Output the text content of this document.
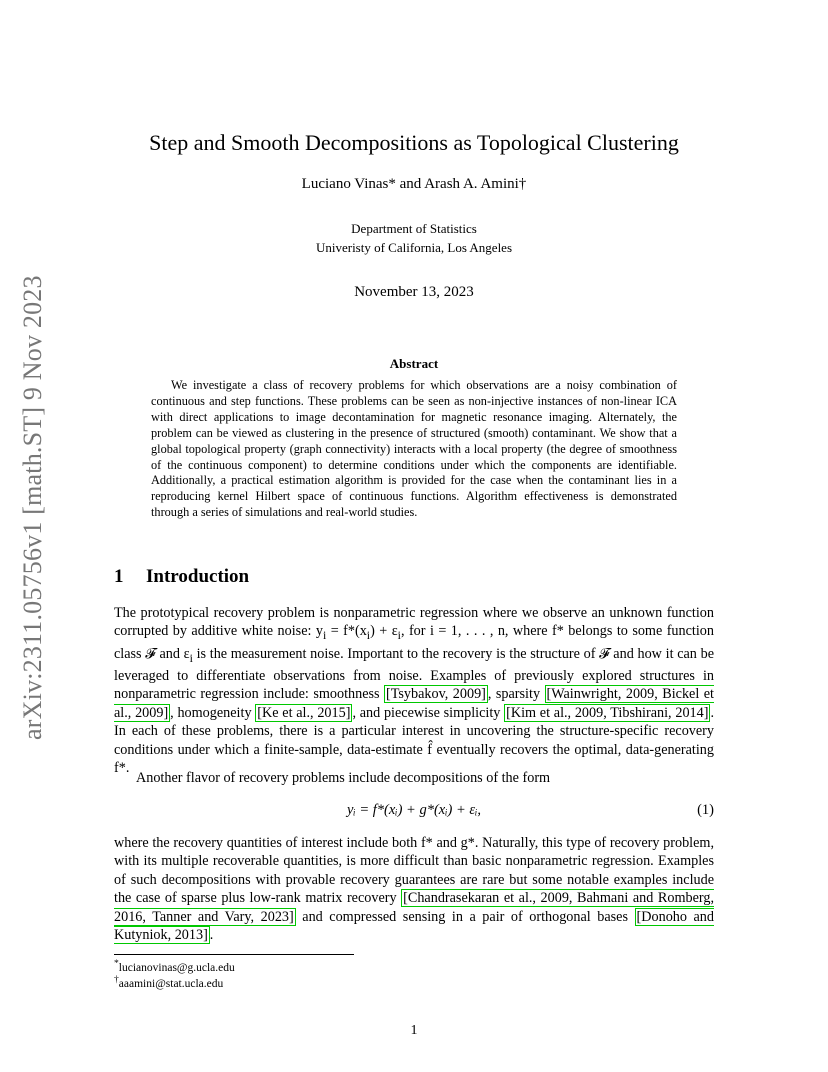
arXiv:2311.05756v1 [math.ST] 9 Nov 2023
Step and Smooth Decompositions as Topological Clustering
Luciano Vinas* and Arash A. Amini†
Department of Statistics
Univeristy of California, Los Angeles
November 13, 2023
Abstract

We investigate a class of recovery problems for which observations are a noisy combination of continuous and step functions. These problems can be seen as non-injective instances of non-linear ICA with direct applications to image decontamination for magnetic resonance imaging. Alternately, the problem can be viewed as clustering in the presence of structured (smooth) contaminant. We show that a global topological property (graph connectivity) interacts with a local property (the degree of smoothness of the continuous component) to determine conditions under which the components are identifiable. Additionally, a practical estimation algorithm is provided for the case when the contaminant lies in a reproducing kernel Hilbert space of continuous functions. Algorithm effectiveness is demonstrated through a series of simulations and real-world studies.

1 Introduction

The prototypical recovery problem is nonparametric regression where we observe an unknown function corrupted by additive white noise: $y_i = f*(x_i) + \varepsilon_i$, for i = 1, . . . , n, where f* belongs to some function class 𝓕 and $\varepsilon_i$ is the measurement noise. Important to the recovery is the structure of 𝓕 and how it can be leveraged to differentiate observations from noise. Examples of previously explored structures in nonparametric regression include: smoothness [Tsybakov, 2009] , sparsity [Wainwright, 2009, Bickel et al., 2009] , homogeneity [Ke et al., 2015] , and piecewise simplicity [Kim et al., 2009, Tibshirani, 2014] . In each of these problems, there is a particular interest in uncovering the structure-specific recovery conditions under which a finite-sample, data-estimate f̂ eventually recovers the optimal, data-generating f*.

Another flavor of recovery problems include decompositions of the form

yᵢ = f*(xᵢ) + g*(xᵢ) + εᵢ,	(1)

where the recovery quantities of interest include both f* and g*. Naturally, this type of recovery problem, with its multiple recoverable quantities, is more difficult than basic nonparametric regression. Examples of such decompositions with provable recovery guarantees are rare but some notable examples include the case of sparse plus low-rank matrix recovery [Chandrasekaran et al., 2009, Bahmani and Romberg, 2016, Tanner and Vary, 2023] and compressed sensing in a pair of orthogonal bases [Donoho and Kutyniok, 2013] .

*lucianovinas@g.ucla.edu
†aaamini@stat.ucla.edu
1
